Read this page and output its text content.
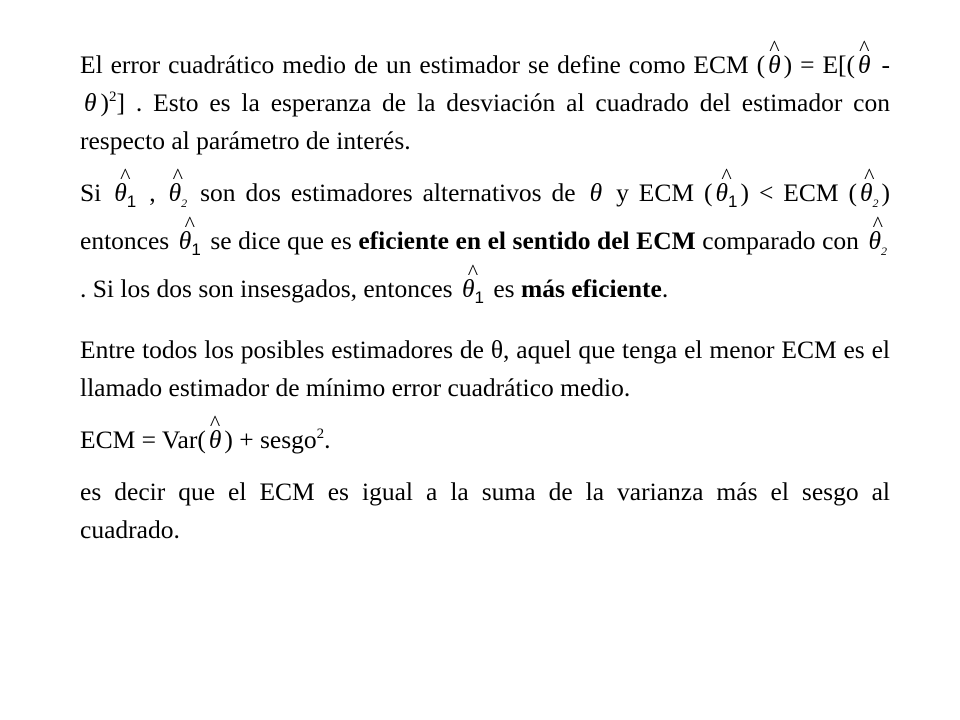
El error cuadrático medio de un estimador se define como ECM ( ^ θ ) = E[( ^ θ - θ )$^2$] . Esto es la esperanza de la desviación al cuadrado del estimador con respecto al parámetro de interés.

Si ^ $\theta_1$ , ^ $\theta_2$ son dos estimadores alternativos de θ y ECM ( ^ $\theta_1$ ) < ECM ( ^ $\theta_2$ ) entonces ^ $\theta_1$ se dice que es eficiente en el sentido del ECM comparado con ^ $\theta_2$. Si los dos son insesgados, entonces ^ $\theta_1$ es más eficiente.

Entre todos los posibles estimadores de θ, aquel que tenga el menor ECM es el llamado estimador de mínimo error cuadrático medio.

ECM = Var( ^ θ ) + sesgo$^2$.

es decir que el ECM es igual a la suma de la varianza más el sesgo al cuadrado.
